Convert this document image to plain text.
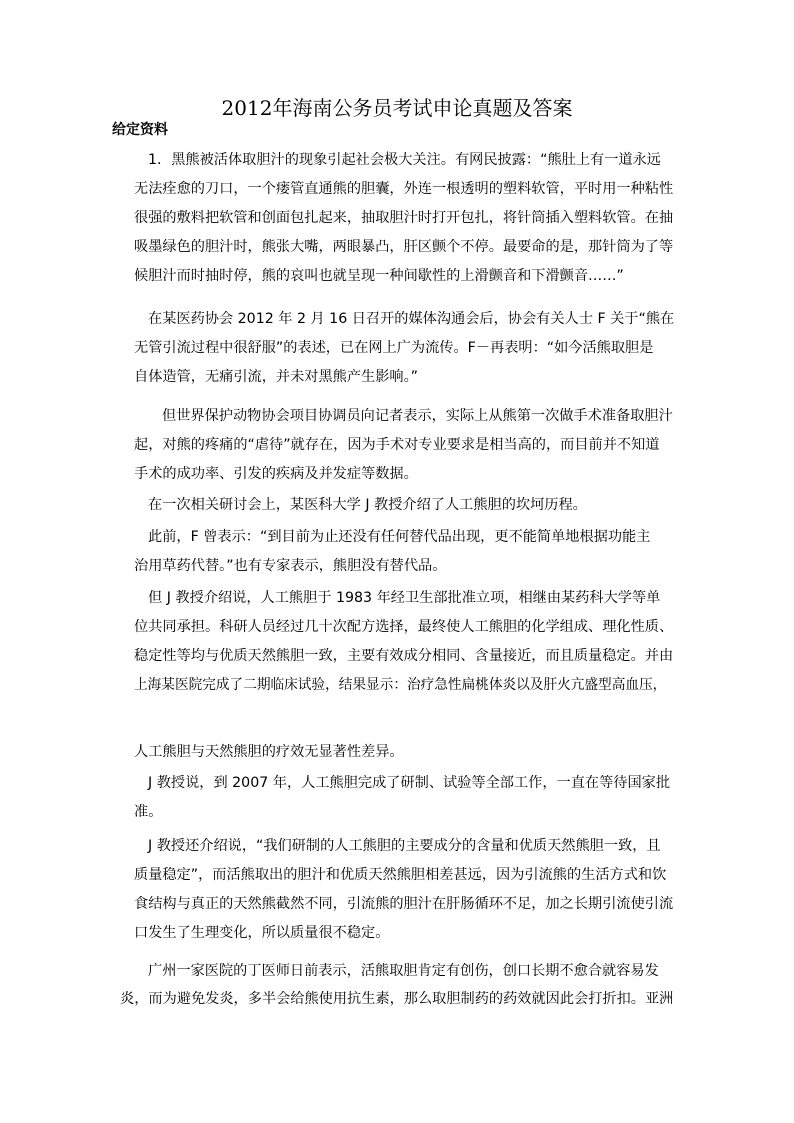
2012年海南公务员考试申论真题及答案
给定资料
1．黑熊被活体取胆汁的现象引起社会极大关注。有网民披露：“熊肚上有一道永远
无法痊愈的刀口，一个瘘管直通熊的胆囊，外连一根透明的塑料软管，平时用一种粘性
很强的敷料把软管和创面包扎起来，抽取胆汁时打开包扎，将针筒插入塑料软管。在抽
吸墨绿色的胆汁时，熊张大嘴，两眼暴凸，肝区颤个不停。最要命的是，那针筒为了等
候胆汁而时抽时停，熊的哀叫也就呈现一种间歇性的上滑颤音和下滑颤音……”
在某医药协会 2012 年 2 月 16 日召开的媒体沟通会后，协会有关人士 F 关于“熊在
无管引流过程中很舒服”的表述，已在网上广为流传。F－再表明：“如今活熊取胆是
自体造管，无痛引流，并未对黑熊产生影响。”
但世界保护动物协会项目协调员向记者表示，实际上从熊第一次做手术准备取胆汁
起，对熊的疼痛的“虐待”就存在，因为手术对专业要求是相当高的，而目前并不知道
手术的成功率、引发的疾病及并发症等数据。
在一次相关研讨会上，某医科大学 J 教授介绍了人工熊胆的坎坷历程。
此前，F 曾表示：“到目前为止还没有任何替代品出现，更不能简单地根据功能主
治用草药代替。”也有专家表示，熊胆没有替代品。
但 J 教授介绍说，人工熊胆于 1983 年经卫生部批准立项，相继由某药科大学等单
位共同承担。科研人员经过几十次配方选择，最终使人工熊胆的化学组成、理化性质、
稳定性等均与优质天然熊胆一致，主要有效成分相同、含量接近，而且质量稳定。并由
上海某医院完成了二期临床试验，结果显示：治疗急性扁桃体炎以及肝火亢盛型高血压，
人工熊胆与天然熊胆的疗效无显著性差异。
J 教授说，到 2007 年，人工熊胆完成了研制、试验等全部工作，一直在等待国家批
准。
J 教授还介绍说，“我们研制的人工熊胆的主要成分的含量和优质天然熊胆一致，且
质量稳定”，而活熊取出的胆汁和优质天然熊胆相差甚远，因为引流熊的生活方式和饮
食结构与真正的天然熊截然不同，引流熊的胆汁在肝肠循环不足，加之长期引流使引流
口发生了生理变化，所以质量很不稳定。
广州一家医院的丁医师日前表示，活熊取胆肯定有创伤，创口长期不愈合就容易发
炎，而为避免发炎，多半会给熊使用抗生素，那么取胆制药的药效就因此会打折扣。亚洲
